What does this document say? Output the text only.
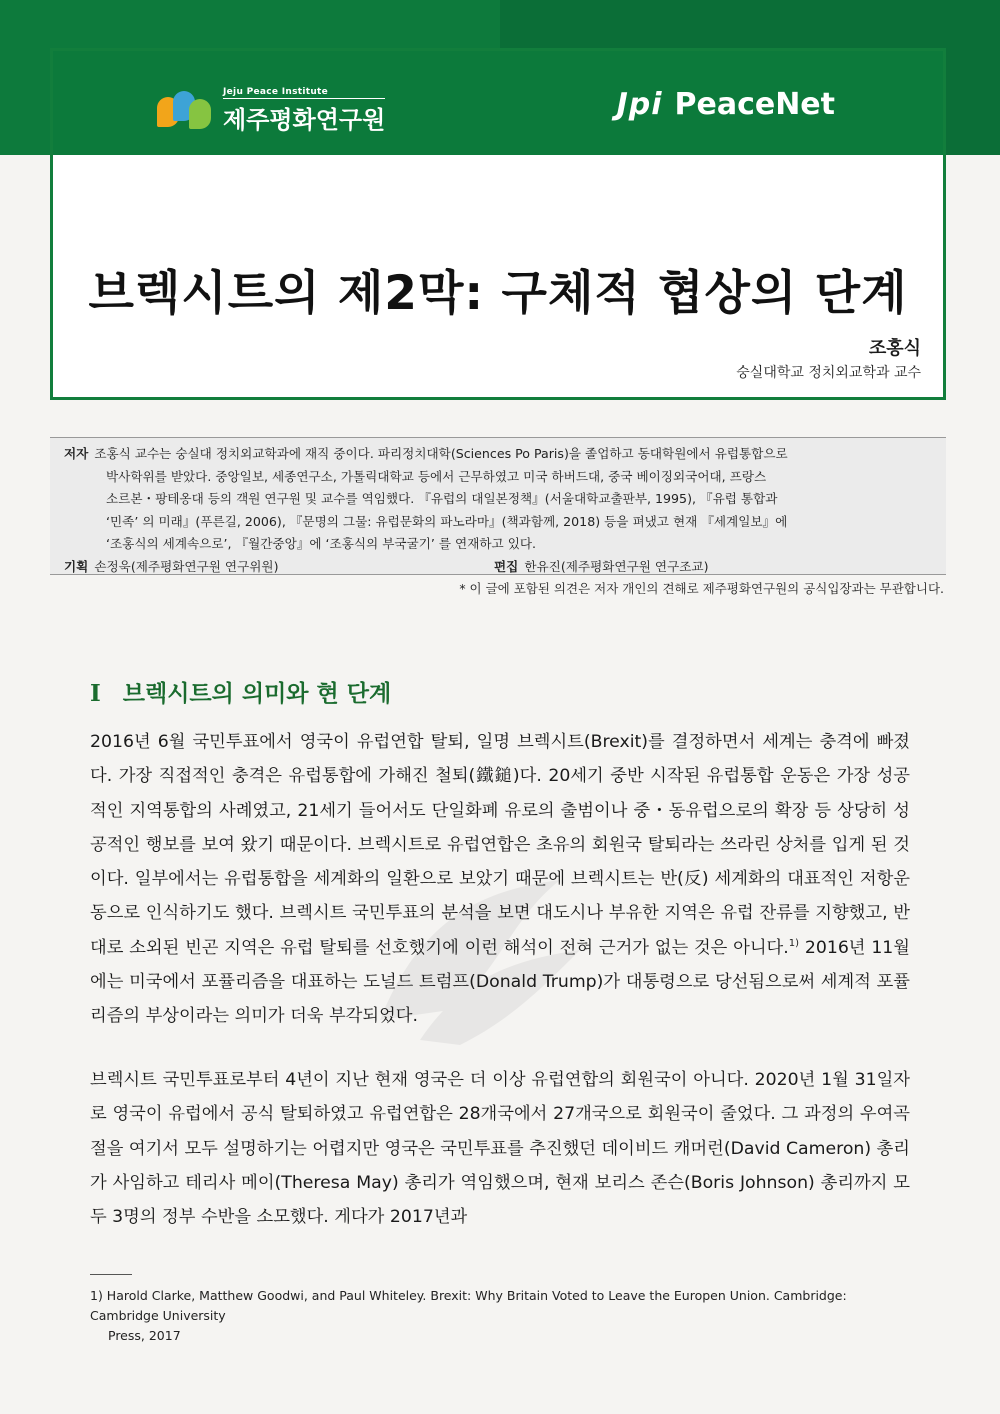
Jeju Peace Institute
제주평화연구원	Jpi PeaceNet
브렉시트의 제2막: 구체적 협상의 단계
조홍식
숭실대학교 정치외교학과 교수
저자 조홍식 교수는 숭실대 정치외교학과에 재직 중이다. 파리정치대학(Sciences Po Paris)을 졸업하고 동대학원에서 유럽통합으로
박사학위를 받았다. 중앙일보, 세종연구소, 가톨릭대학교 등에서 근무하였고 미국 하버드대, 중국 베이징외국어대, 프랑스
소르본・팡테옹대 등의 객원 연구원 및 교수를 역임했다. 『유럽의 대일본정책』(서울대학교출판부, 1995), 『유럽 통합과
‘민족’ 의 미래』(푸른길, 2006), 『문명의 그물: 유럽문화의 파노라마』(책과함께, 2018) 등을 펴냈고 현재 『세계일보』에
‘조홍식의 세계속으로’, 『월간중앙』에 ‘조홍식의 부국굴기’ 를 연재하고 있다.
기획 손정욱(제주평화연구원 연구위원)	편집 한유진(제주평화연구원 연구조교)
* 이 글에 포함된 의견은 저자 개인의 견해로 제주평화연구원의 공식입장과는 무관합니다.
I 브렉시트의 의미와 현 단계

2016년 6월 국민투표에서 영국이 유럽연합 탈퇴, 일명 브렉시트(Brexit)를 결정하면서 세계는 충격에 빠졌다. 가장 직접적인 충격은 유럽통합에 가해진 철퇴(鐵鎚)다. 20세기 중반 시작된 유럽통합 운동은 가장 성공적인 지역통합의 사례였고, 21세기 들어서도 단일화폐 유로의 출범이나 중・동유럽으로의 확장 등 상당히 성공적인 행보를 보여 왔기 때문이다. 브렉시트로 유럽연합은 초유의 회원국 탈퇴라는 쓰라린 상처를 입게 된 것이다. 일부에서는 유럽통합을 세계화의 일환으로 보았기 때문에 브렉시트는 반(反) 세계화의 대표적인 저항운동으로 인식하기도 했다. 브렉시트 국민투표의 분석을 보면 대도시나 부유한 지역은 유럽 잔류를 지향했고, 반대로 소외된 빈곤 지역은 유럽 탈퇴를 선호했기에 이런 해석이 전혀 근거가 없는 것은 아니다.$^{1)}$ 2016년 11월에는 미국에서 포퓰리즘을 대표하는 도널드 트럼프(Donald Trump)가 대통령으로 당선됨으로써 세계적 포퓰리즘의 부상이라는 의미가 더욱 부각되었다.

브렉시트 국민투표로부터 4년이 지난 현재 영국은 더 이상 유럽연합의 회원국이 아니다. 2020년 1월 31일자로 영국이 유럽에서 공식 탈퇴하였고 유럽연합은 28개국에서 27개국으로 회원국이 줄었다. 그 과정의 우여곡절을 여기서 모두 설명하기는 어렵지만 영국은 국민투표를 추진했던 데이비드 캐머런(David Cameron) 총리가 사임하고 테리사 메이(Theresa May) 총리가 역임했으며, 현재 보리스 존슨(Boris Johnson) 총리까지 모두 3명의 정부 수반을 소모했다. 게다가 2017년과

1) Harold Clarke, Matthew Goodwi, and Paul Whiteley. Brexit: Why Britain Voted to Leave the Europen Union. Cambridge: Cambridge University
Press, 2017
